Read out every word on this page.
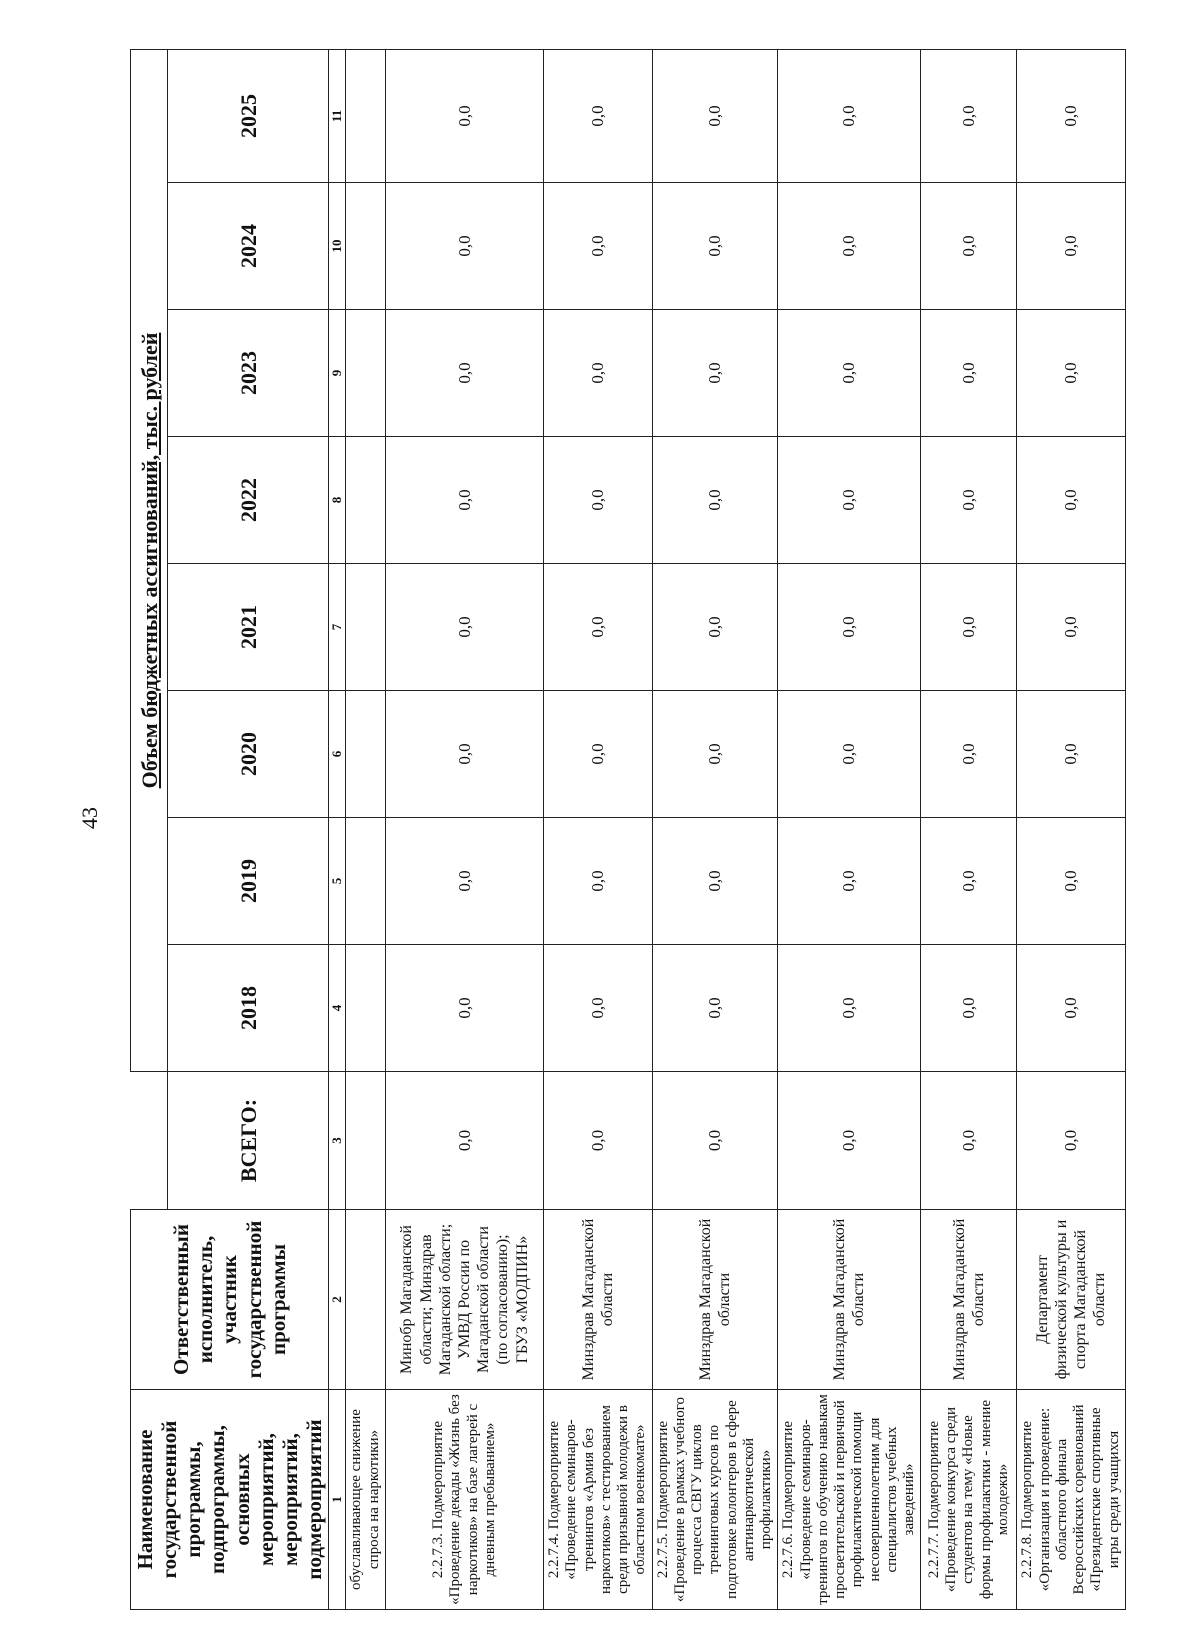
43
Наименование государственной программы, подпрограммы, основных мероприятий, мероприятий, подмероприятий	Ответственный исполнитель, участник государственной программы		Объем бюджетных ассигнований, тыс. рублей							
		ВСЕГО:	2018	2019	2020	2021	2022	2023	2024	2025
1	2	3	4	5	6	7	8	9	10	11
обуславливающее снижение спроса на наркотики»										
2.2.7.3. Подмероприятие «Проведение декады «Жизнь без наркотиков» на базе лагерей с дневным пребыванием»	Минобр Магаданской области; Минздрав Магаданской области; УМВД России по Магаданской области (по согласованию); ГБУЗ «МОДПИН»	0,0	0,0	0,0	0,0	0,0	0,0	0,0	0,0	0,0
2.2.7.4. Подмероприятие «Проведение семинаров-тренингов «Армия без наркотиков» с тестированием среди призывной молодежи в областном военкомате»	Минздрав Магаданской области	0,0	0,0	0,0	0,0	0,0	0,0	0,0	0,0	0,0
2.2.7.5. Подмероприятие «Проведение в рамках учебного процесса СВГУ циклов тренинговых курсов по подготовке волонтеров в сфере антинаркотической профилактики»	Минздрав Магаданской области	0,0	0,0	0,0	0,0	0,0	0,0	0,0	0,0	0,0
2.2.7.6. Подмероприятие «Проведение семинаров-тренингов по обучению навыкам просветительской и первичной профилактической помощи несовершеннолетним для специалистов учебных заведений»	Минздрав Магаданской области	0,0	0,0	0,0	0,0	0,0	0,0	0,0	0,0	0,0
2.2.7.7. Подмероприятие «Проведение конкурса среди студентов на тему «Новые формы профилактики - мнение молодежи»	Минздрав Магаданской области	0,0	0,0	0,0	0,0	0,0	0,0	0,0	0,0	0,0
2.2.7.8. Подмероприятие «Организация и проведение: областного финала Всероссийских соревнований «Президентские спортивные игры среди учащихся	Департамент физической культуры и спорта Магаданской области	0,0	0,0	0,0	0,0	0,0	0,0	0,0	0,0	0,0
